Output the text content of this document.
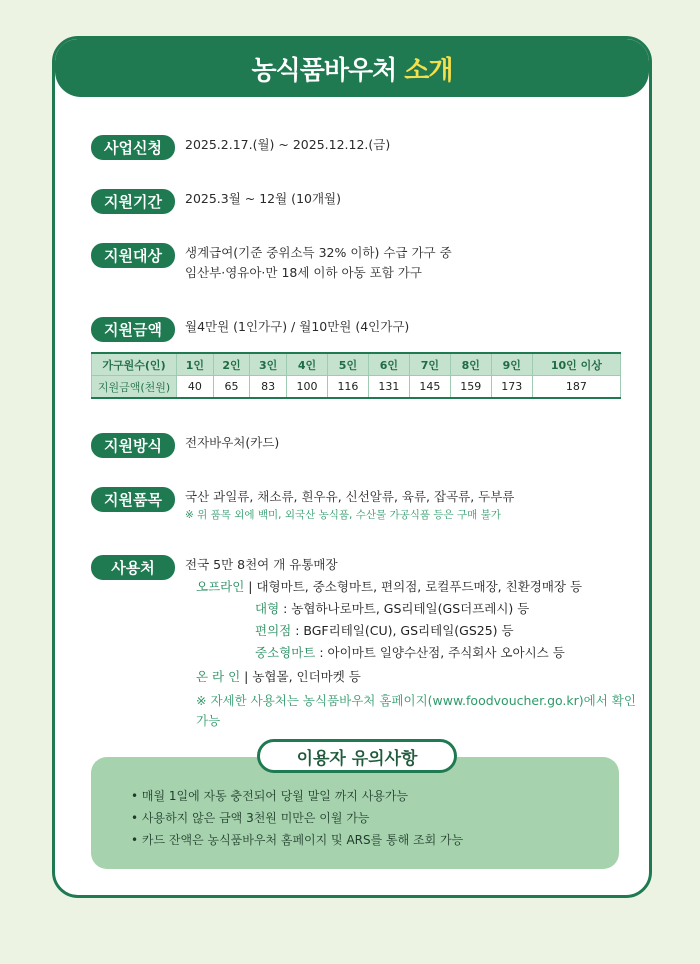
농식품바우처 소개
사업신청	2025.2.17.(월) ~ 2025.12.12.(금)
지원기간	2025.3월 ~ 12월 (10개월)
지원대상	생계급여(기준 중위소득 32% 이하) 수급 가구 중
임산부·영유아·만 18세 이하 아동 포함 가구
지원금액	월4만원 (1인가구) / 월10만원 (4인가구)
가구원수(인)	1인	2인	3인	4인	5인	6인	7인	8인	9인	10인 이상
지원금액(천원)	40	65	83	100	116	131	145	159	173	187
지원방식	전자바우처(카드)
지원품목	국산 과일류, 채소류, 흰우유, 신선알류, 육류, 잡곡류, 두부류
※ 위 품목 외에 백미, 외국산 농식품, 수산물 가공식품 등은 구매 불가
사용처	전국 5만 8천여 개 유통매장
오프라인 | 대형마트, 중소형마트, 편의점, 로컬푸드매장, 친환경매장 등
대형 : 농협하나로마트, GS리테일(GS더프레시) 등
편의점 : BGF리테일(CU), GS리테일(GS25) 등
중소형마트 : 아이마트 일양수산점, 주식회사 오아시스 등
온 라 인 | 농협몰, 인더마켓 등
※ 자세한 사용처는 농식품바우처 홈페이지(www.foodvoucher.go.kr)에서 확인 가능
이용자 유의사항
• 매월 1일에 자동 충전되어 당월 말일 까지 사용가능
• 사용하지 않은 금액 3천원 미만은 이월 가능
• 카드 잔액은 농식품바우처 홈페이지 및 ARS를 통해 조회 가능
